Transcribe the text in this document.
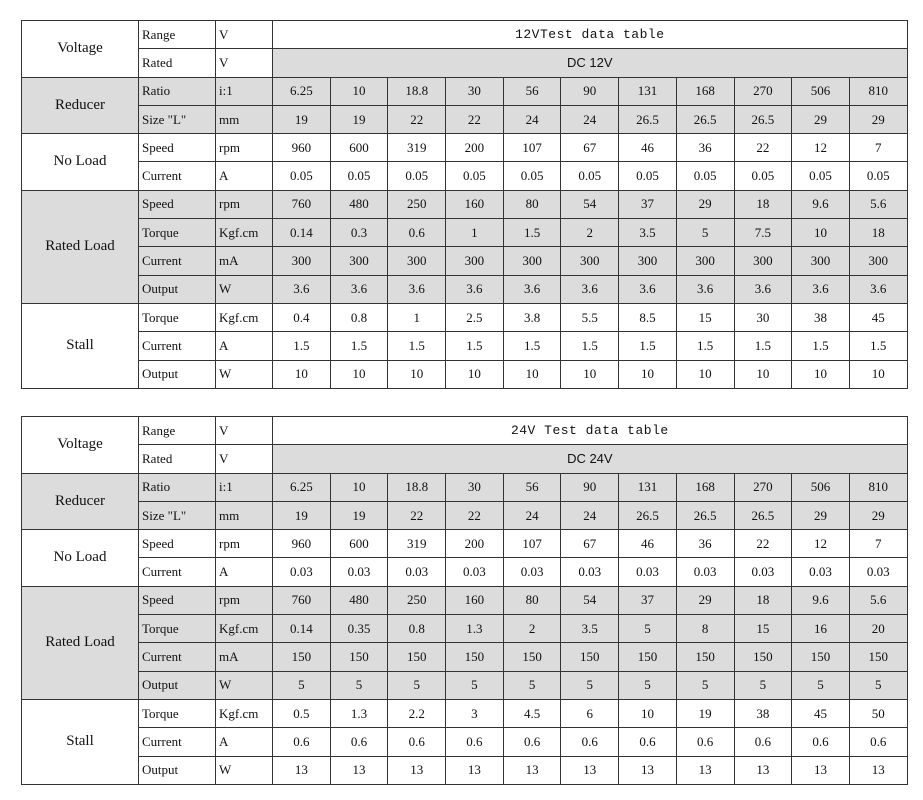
Voltage	Range	V	12VTest data table										
	Rated	V	DC 12V										
Reducer	Ratio	i:1	6.25	10	18.8	30	56	90	131	168	270	506	810
	Size "L"	mm	19	19	22	22	24	24	26.5	26.5	26.5	29	29
No Load	Speed	rpm	960	600	319	200	107	67	46	36	22	12	7
	Current	A	0.05	0.05	0.05	0.05	0.05	0.05	0.05	0.05	0.05	0.05	0.05
Rated Load	Speed	rpm	760	480	250	160	80	54	37	29	18	9.6	5.6
	Torque	Kgf.cm	0.14	0.3	0.6	1	1.5	2	3.5	5	7.5	10	18
	Current	mA	300	300	300	300	300	300	300	300	300	300	300
	Output	W	3.6	3.6	3.6	3.6	3.6	3.6	3.6	3.6	3.6	3.6	3.6
Stall	Torque	Kgf.cm	0.4	0.8	1	2.5	3.8	5.5	8.5	15	30	38	45
	Current	A	1.5	1.5	1.5	1.5	1.5	1.5	1.5	1.5	1.5	1.5	1.5
	Output	W	10	10	10	10	10	10	10	10	10	10	10
Voltage	Range	V	24V Test data table										
	Rated	V	DC 24V										
Reducer	Ratio	i:1	6.25	10	18.8	30	56	90	131	168	270	506	810
	Size "L"	mm	19	19	22	22	24	24	26.5	26.5	26.5	29	29
No Load	Speed	rpm	960	600	319	200	107	67	46	36	22	12	7
	Current	A	0.03	0.03	0.03	0.03	0.03	0.03	0.03	0.03	0.03	0.03	0.03
Rated Load	Speed	rpm	760	480	250	160	80	54	37	29	18	9.6	5.6
	Torque	Kgf.cm	0.14	0.35	0.8	1.3	2	3.5	5	8	15	16	20
	Current	mA	150	150	150	150	150	150	150	150	150	150	150
	Output	W	5	5	5	5	5	5	5	5	5	5	5
Stall	Torque	Kgf.cm	0.5	1.3	2.2	3	4.5	6	10	19	38	45	50
	Current	A	0.6	0.6	0.6	0.6	0.6	0.6	0.6	0.6	0.6	0.6	0.6
	Output	W	13	13	13	13	13	13	13	13	13	13	13
